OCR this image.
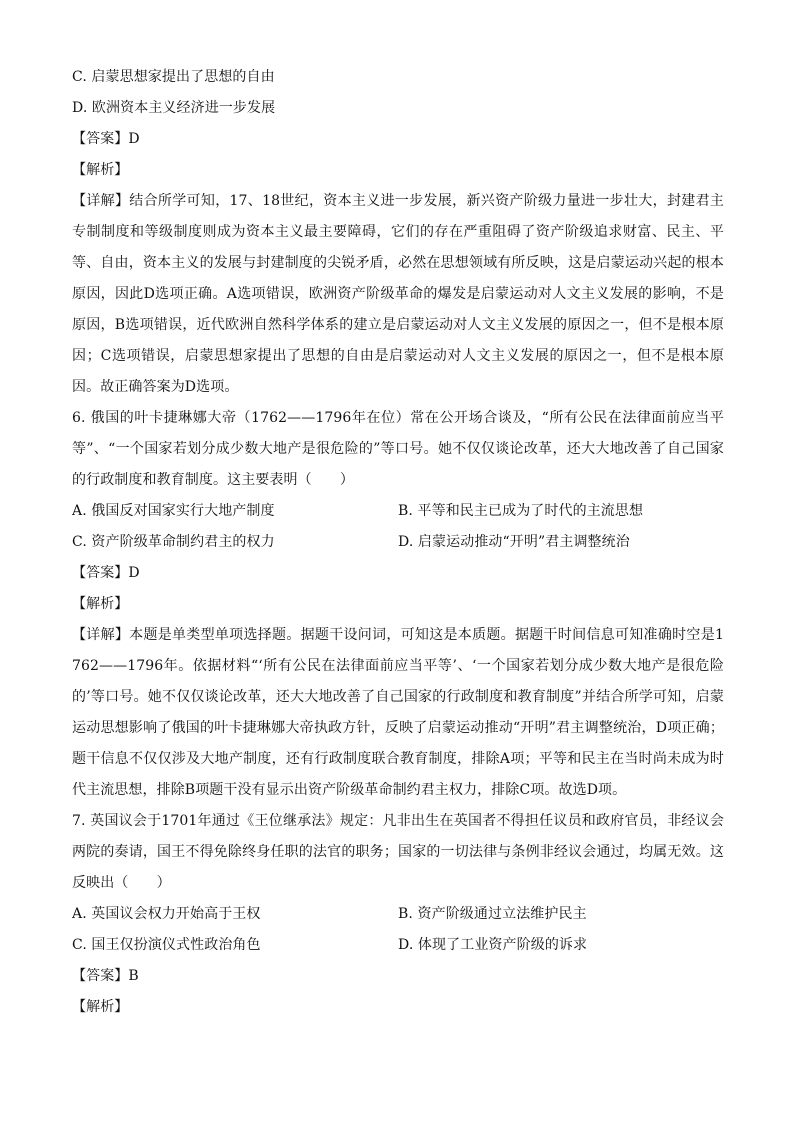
C. 启蒙思想家提出了思想的自由
D. 欧洲资本主义经济进一步发展
【答案】D
【解析】
【详解】结合所学可知，17、18世纪，资本主义进一步发展，新兴资产阶级力量进一步壮大，封建君主专制制度和等级制度则成为资本主义最主要障碍，它们的存在严重阻碍了资产阶级追求财富、民主、平等、自由，资本主义的发展与封建制度的尖锐矛盾，必然在思想领域有所反映，这是启蒙运动兴起的根本原因，因此D选项正确。A选项错误，欧洲资产阶级革命的爆发是启蒙运动对人文主义发展的影响，不是原因，B选项错误，近代欧洲自然科学体系的建立是启蒙运动对人文主义发展的原因之一，但不是根本原因；C选项错误，启蒙思想家提出了思想的自由是启蒙运动对人文主义发展的原因之一，但不是根本原因。故正确答案为D选项。
6. 俄国的叶卡捷琳娜大帝（1762——1796年在位）常在公开场合谈及，“所有公民在法律面前应当平等”、“一个国家若划分成少数大地产是很危险的”等口号。她不仅仅谈论改革，还大大地改善了自己国家的行政制度和教育制度。这主要表明（　　）
A. 俄国反对国家实行大地产制度	B. 平等和民主已成为了时代的主流思想
C. 资产阶级革命制约君主的权力	D. 启蒙运动推动“开明”君主调整统治
【答案】D
【解析】
【详解】本题是单类型单项选择题。据题干设问词，可知这是本质题。据题干时间信息可知准确时空是1762——1796年。依据材料“‘所有公民在法律面前应当平等’、‘一个国家若划分成少数大地产是很危险的’等口号。她不仅仅谈论改革，还大大地改善了自己国家的行政制度和教育制度”并结合所学可知，启蒙运动思想影响了俄国的叶卡捷琳娜大帝执政方针，反映了启蒙运动推动“开明”君主调整统治，D项正确；题干信息不仅仅涉及大地产制度，还有行政制度联合教育制度，排除A项；平等和民主在当时尚未成为时代主流思想，排除B项题干没有显示出资产阶级革命制约君主权力，排除C项。故选D项。
7. 英国议会于1701年通过《王位继承法》规定：凡非出生在英国者不得担任议员和政府官员，非经议会两院的奏请，国王不得免除终身任职的法官的职务；国家的一切法律与条例非经议会通过，均属无效。这反映出（　　）
A. 英国议会权力开始高于王权	B. 资产阶级通过立法维护民主
C. 国王仅扮演仪式性政治角色	D. 体现了工业资产阶级的诉求
【答案】B
【解析】
